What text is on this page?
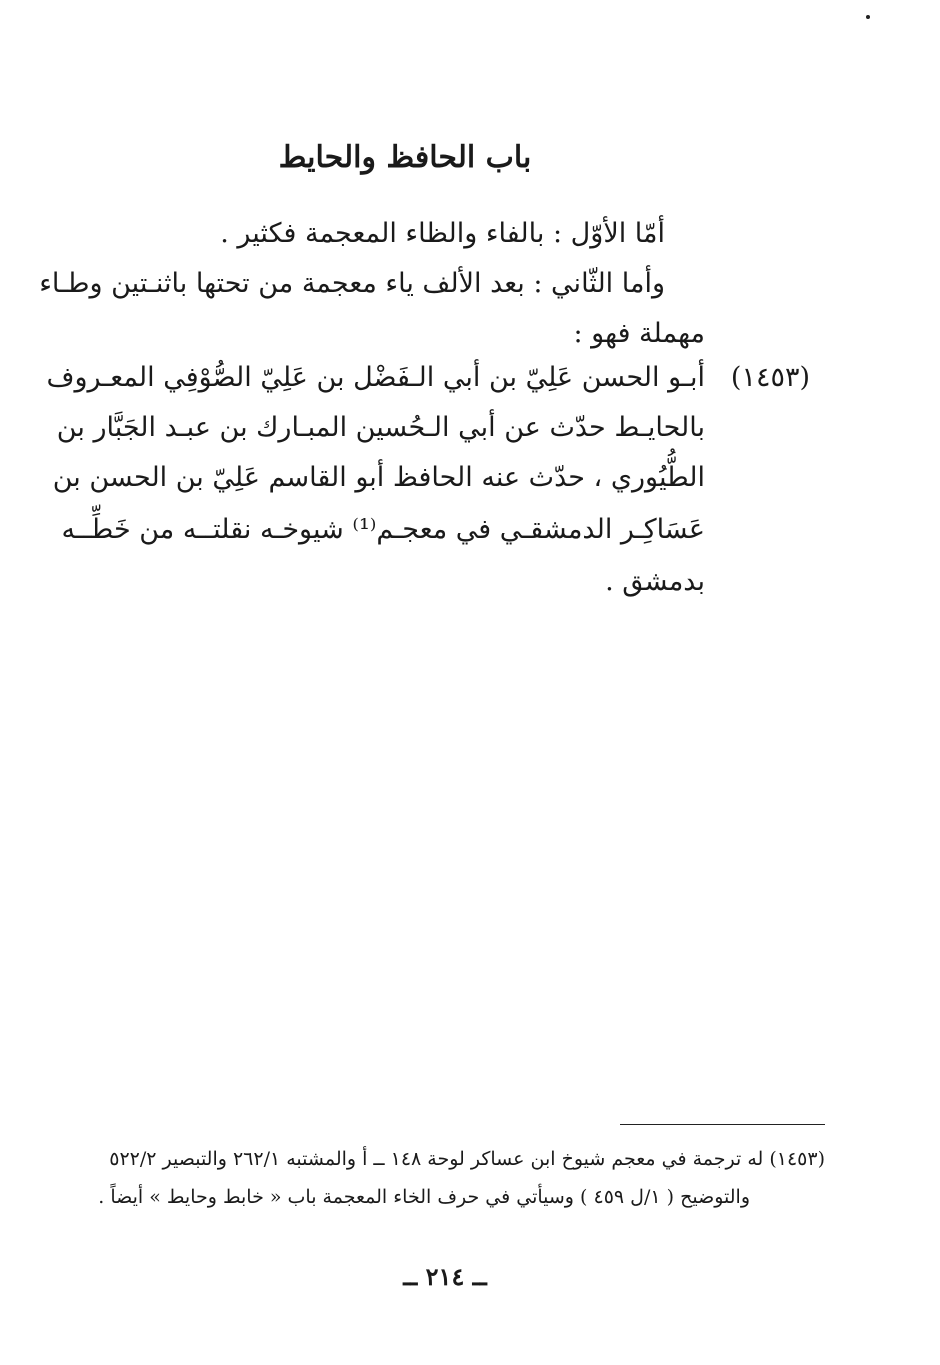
باب الحافظ والحايط
أمّا الأوّل : بالفاء والظاء المعجمة فكثير .
وأما الثّاني : بعد الألف ياء معجمة من تحتها باثنـتين وطـاء
مهملة فهو :
(١٤٥٣)
أبـو الحسن عَلِيّ بن أبي الـفَضْل بن عَلِيّ الصُّوْفِي المعـروف
بالحايـط حدّث عن أبي الـحُسين المبـارك بن عبـد الجَبَّار بن
الطُّيُوري ، حدّث عنه الحافظ أبو القاسم عَلِيّ بن الحسن بن
عَسَاكِـر الدمشقـي في معجـم⁽¹⁾ شيوخـه نقلتــه من خَطِّــه
بدمشق .
(١٤٥٣) له ترجمة في معجم شيوخ ابن عساكر لوحة ١٤٨ ــ أ والمشتبه ٢٦٢/١ والتبصير ٥٢٢/٢
والتوضيح ( ١/ل ٤٥٩ ) وسيأتي في حرف الخاء المعجمة باب « خابط وحايط » أيضاً .
ــ ٢١٤ ــ
